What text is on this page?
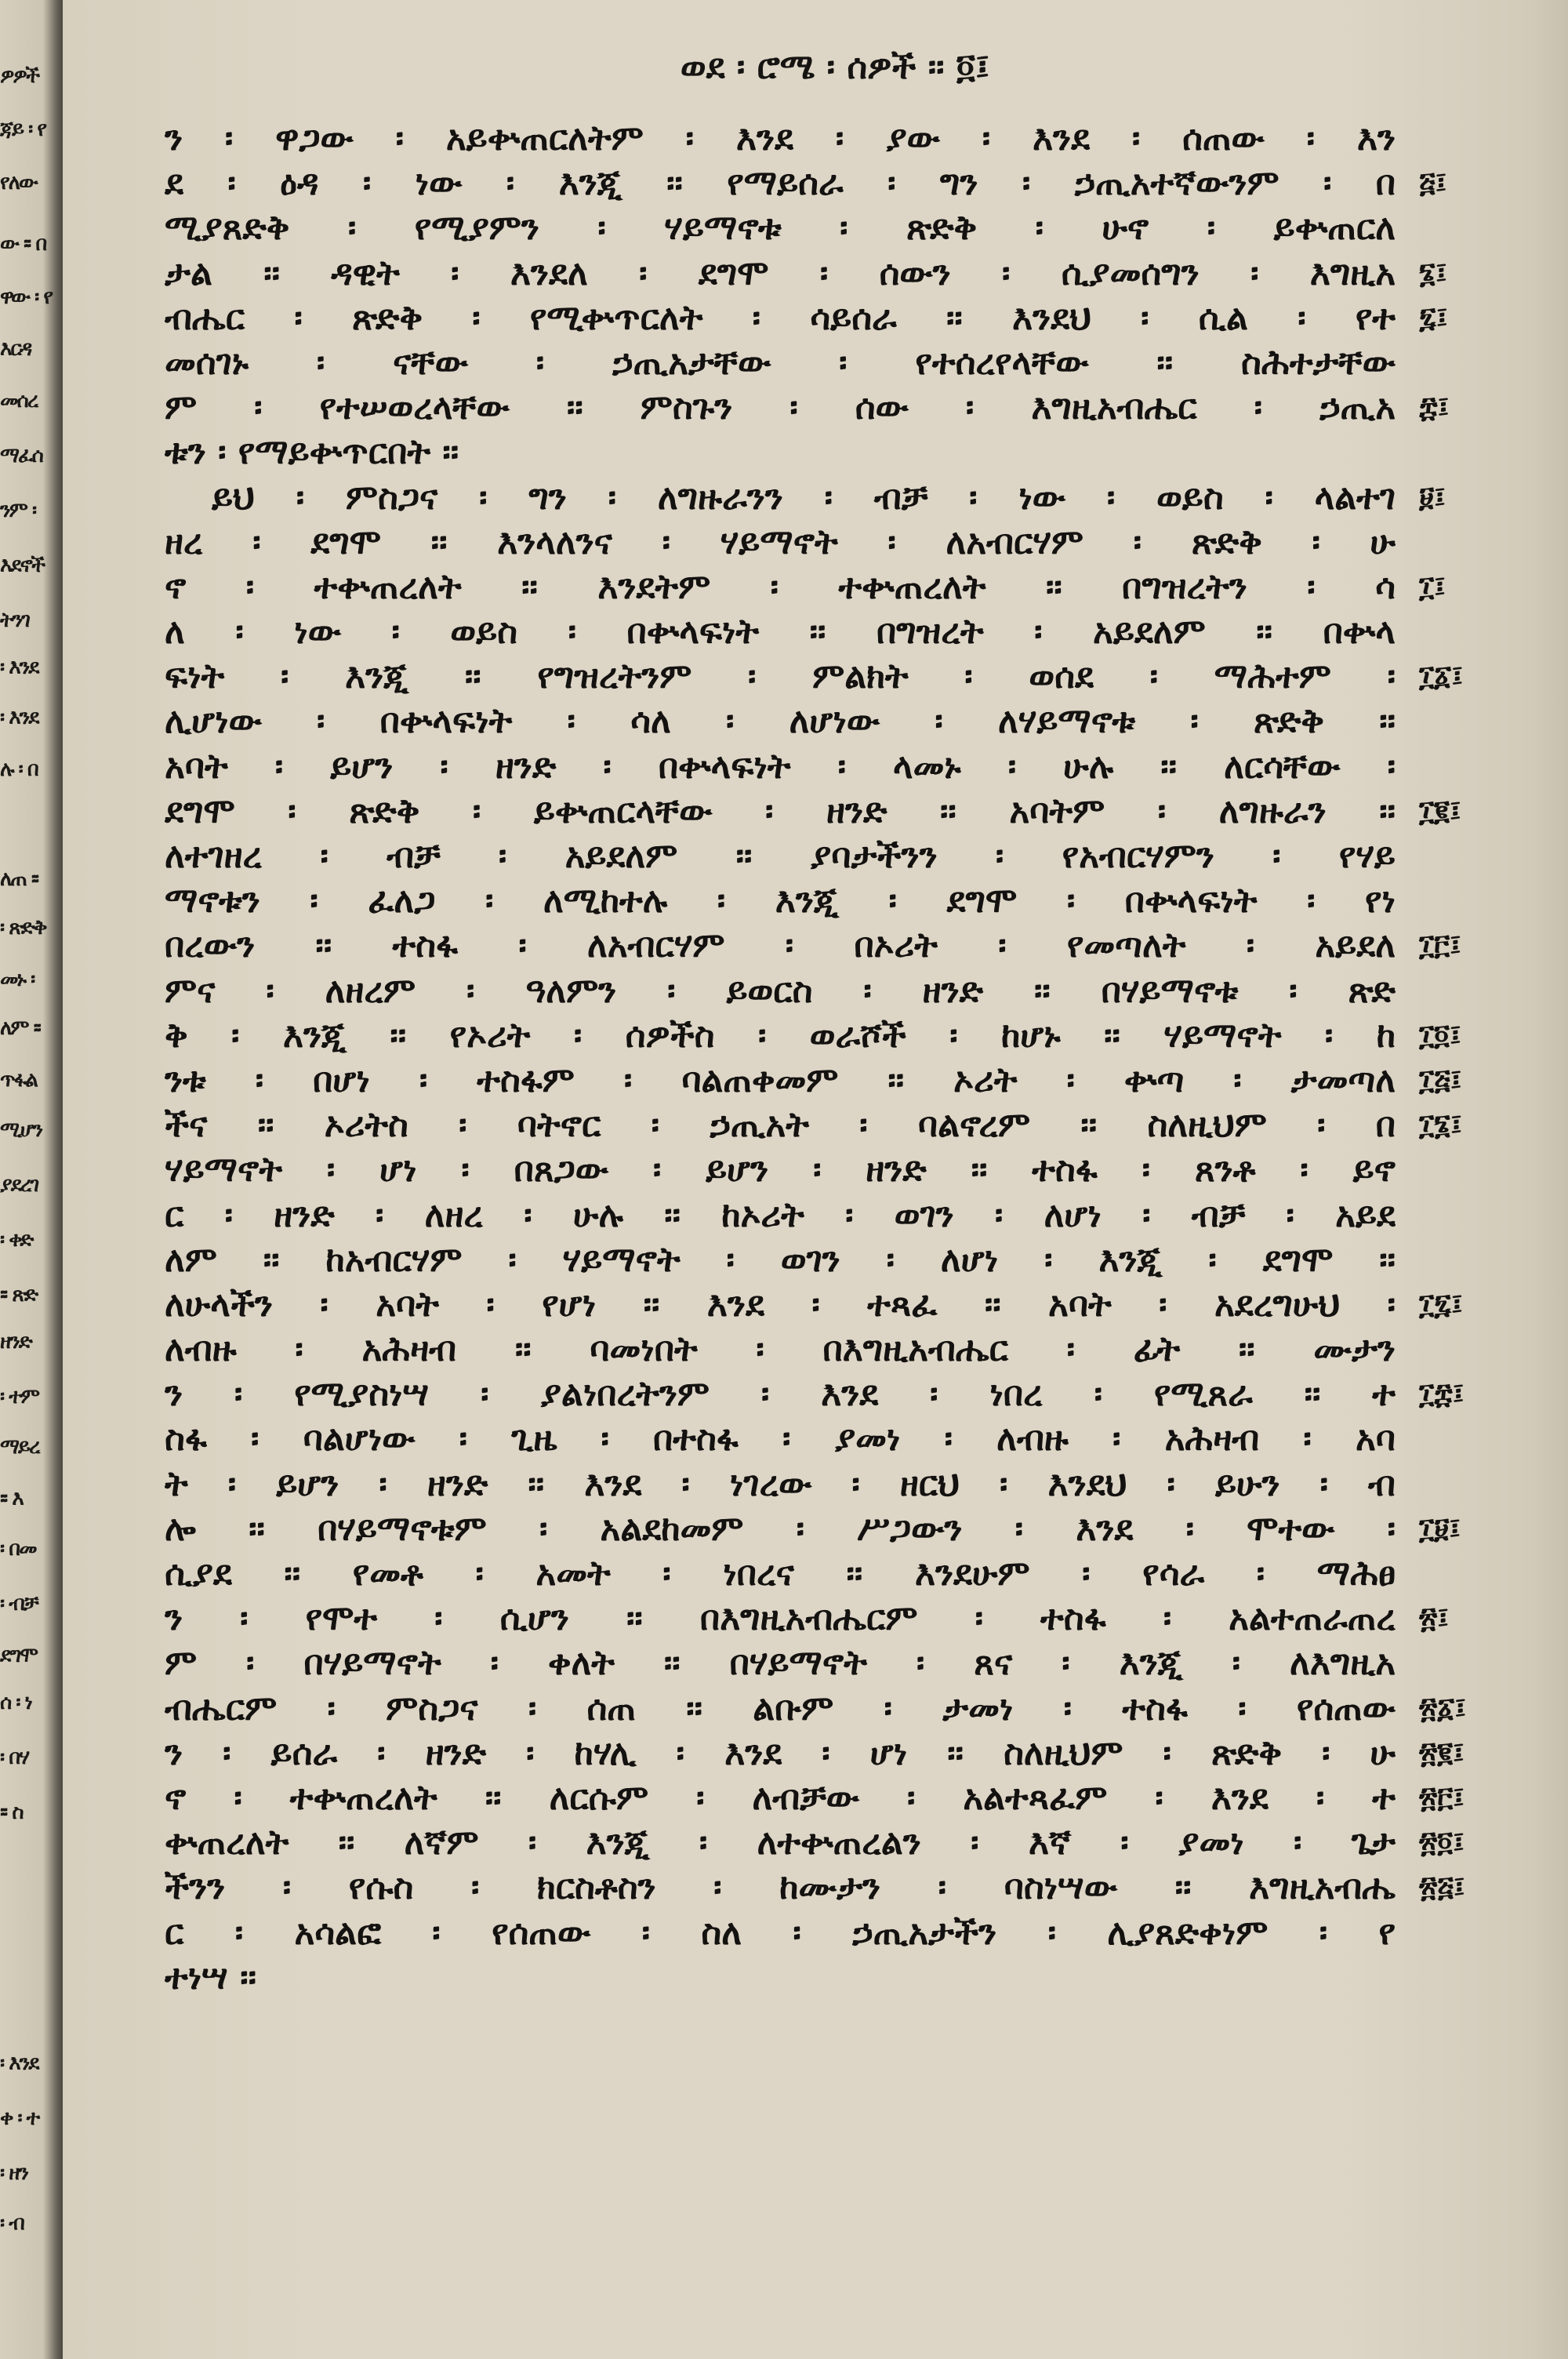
ዎዎች
ጃይ ፡ የ
የለው
ው ፡፡ በ
ዋው ፡ የ
እርዳ
መሰረ
ማፈሰ
ንም ፡
እደኖች
ትንገ
፡ እንደ
፡ እንደ
ሉ ፡ በ
ለጠ ፡፡
፡ ጽድቅ
መኑ ፡
ለም ፡፡
ጥፋል
ሚሆን
ያደረገ
፡ ቀድ
፡፡ ጽድ
ዘንድ
፡ ተም
ማይረ
፡፡ እ
፡ በመ
፡ ብቻ
ደግሞ
ሰ ፡ ነ
፡ በሃ
፡፡ ስ
፡ እንደ
ቀ ፡ ተ
፡ ዘን
፡ ብ
ወደ ፡ ሮሜ ፡ ሰዎች ፡፡ ፬፤
ን ፡ ዋጋው ፡ አይቍጠርለትም ፡ እንደ ፡ ያው ፡ እንደ ፡ ሰጠው ፡ እን
ደ ፡ ዕዳ ፡ ነው ፡ እንጂ ፡፡ የማይሰራ ፡ ግን ፡ ኃጢአተኛውንም ፡ በ
ሚያጸድቅ ፡ የሚያምን ፡ ሃይማኖቱ ፡ ጽድቅ ፡ ሁኖ ፡ ይቍጠርለ
ታል ፡፡ ዳዊት ፡ እንደለ ፡ ደግሞ ፡ ሰውን ፡ ሲያመሰግን ፡ እግዚአ
ብሔር ፡ ጽድቅ ፡ የሚቍጥርለት ፡ ሳይሰራ ፡፡ እንደህ ፡ ሲል ፡ የተ
መሰገኑ ፡ ናቸው ፡ ኃጢአታቸው ፡ የተሰረየላቸው ፡፡ ስሕተታቸው
ም ፡ የተሠወረላቸው ፡፡ ምስጉን ፡ ሰው ፡ እግዚአብሔር ፡ ኃጢአ
ቱን ፡ የማይቍጥርበት ፡፡
ይህ ፡ ምስጋና ፡ ግን ፡ ለግዙራንን ፡ ብቻ ፡ ነው ፡ ወይስ ፡ ላልተገ
ዘረ ፡ ደግሞ ፡፡ እንላለንና ፡ ሃይማኖት ፡ ለአብርሃም ፡ ጽድቅ ፡ ሁ
ኖ ፡ ተቍጠረለት ፡፡ እንደትም ፡ ተቍጠረለት ፡፡ በግዝረትን ፡ ሳ
ለ ፡ ነው ፡ ወይስ ፡ በቍላፍነት ፡፡ በግዝረት ፡ አይደለም ፡፡ በቍላ
ፍነት ፡ እንጂ ፡፡ የግዝረትንም ፡ ምልክት ፡ ወሰደ ፡ ማሕተም ፡
ሊሆነው ፡ በቍላፍነት ፡ ሳለ ፡ ለሆነው ፡ ለሃይማኖቱ ፡ ጽድቅ ፡፡
አባት ፡ ይሆን ፡ ዘንድ ፡ በቍላፍነት ፡ ላመኑ ፡ ሁሉ ፡፡ ለርሳቸው ፡
ደግሞ ፡ ጽድቅ ፡ ይቍጠርላቸው ፡ ዘንድ ፡፡ አባትም ፡ ለግዙራን ፡፡
ለተገዘረ ፡ ብቻ ፡ አይደለም ፡፡ ያባታችንን ፡ የአብርሃምን ፡ የሃይ
ማኖቱን ፡ ፈለጋ ፡ ለሚከተሉ ፡ እንጂ ፡ ደግሞ ፡ በቍላፍነት ፡ የነ
በረውን ፡፡ ተስፋ ፡ ለአብርሃም ፡ በኦሪት ፡ የመጣለት ፡ አይደለ
ምና ፡ ለዘረም ፡ ዓለምን ፡ ይወርስ ፡ ዘንድ ፡፡ በሃይማኖቱ ፡ ጽድ
ቅ ፡ እንጂ ፡፡ የኦሪት ፡ ሰዎችስ ፡ ወራሾች ፡ ከሆኑ ፡፡ ሃይማኖት ፡ ከ
ንቱ ፡ በሆነ ፡ ተስፋም ፡ ባልጠቀመም ፡፡ ኦሪት ፡ ቍጣ ፡ ታመጣለ
ችና ፡፡ ኦሪትስ ፡ ባትኖር ፡ ኃጢአት ፡ ባልኖረም ፡፡ ስለዚህም ፡ በ
ሃይማኖት ፡ ሆነ ፡ በጸጋው ፡ ይሆን ፡ ዘንድ ፡፡ ተስፋ ፡ ጸንቶ ፡ ይኖ
ር ፡ ዘንድ ፡ ለዘረ ፡ ሁሉ ፡፡ ከኦሪት ፡ ወገን ፡ ለሆነ ፡ ብቻ ፡ አይደ
ለም ፡፡ ከአብርሃም ፡ ሃይማኖት ፡ ወገን ፡ ለሆነ ፡ እንጂ ፡ ደግሞ ፡፡
ለሁላችን ፡ አባት ፡ የሆነ ፡፡ እንደ ፡ ተጻፈ ፡፡ አባት ፡ አደረግሁህ ፡
ለብዙ ፡ አሕዛብ ፡፡ ባመነበት ፡ በእግዚአብሔር ፡ ፊት ፡፡ ሙታን
ን ፡ የሚያስነሣ ፡ ያልነበረትንም ፡ እንደ ፡ ነበረ ፡ የሚጸራ ፡፡ ተ
ስፋ ፡ ባልሆነው ፡ ጊዜ ፡ በተስፋ ፡ ያመነ ፡ ለብዙ ፡ አሕዛብ ፡ አባ
ት ፡ ይሆን ፡ ዘንድ ፡፡ እንደ ፡ ነገረው ፡ ዘርህ ፡ እንደህ ፡ ይሁን ፡ ብ
ሎ ፡፡ በሃይማኖቱም ፡ አልደከመም ፡ ሥጋውን ፡ እንደ ፡ ሞተው ፡
ሲያደ ፡፡ የመቶ ፡ አመት ፡ ነበረና ፡፡ እንደሁም ፡ የሳራ ፡ ማሕፀ
ን ፡ የሞተ ፡ ሲሆን ፡፡ በእግዚአብሔርም ፡ ተስፋ ፡ አልተጠራጠረ
ም ፡ በሃይማኖት ፡ ቀለት ፡፡ በሃይማኖት ፡ ጸና ፡ እንጂ ፡ ለእግዚአ
ብሔርም ፡ ምስጋና ፡ ሰጠ ፡፡ ልቡም ፡ ታመነ ፡ ተስፋ ፡ የሰጠው
ን ፡ ይሰራ ፡ ዘንድ ፡ ከሃሊ ፡ እንደ ፡ ሆነ ፡፡ ስለዚህም ፡ ጽድቅ ፡ ሁ
ኖ ፡ ተቍጠረለት ፡፡ ለርሱም ፡ ለብቻው ፡ አልተጻፈም ፡ እንደ ፡ ተ
ቍጠረለት ፡፡ ለኛም ፡ እንጂ ፡ ለተቍጠረልን ፡ እኛ ፡ ያመነ ፡ ጌታ
ችንን ፡ የሱስ ፡ ክርስቶስን ፡ ከሙታን ፡ ባስነሣው ፡፡ እግዚአብሔ
ር ፡ አሳልፎ ፡ የሰጠው ፡ ስለ ፡ ኃጢአታችን ፡ ሊያጸድቀነም ፡ የ
ተነሣ ፡፡
፭፤
፮፤
፯፤
፰፤
፱፤
፲፤
፲፩፤
፲፪፤
፲፫፤
፲፬፤
፲፭፤
፲፮፤
፲፯፤
፲፰፤
፲፱፤
፳፤
፳፩፤
፳፪፤
፳፫፤
፳፬፤
፳፭፤
